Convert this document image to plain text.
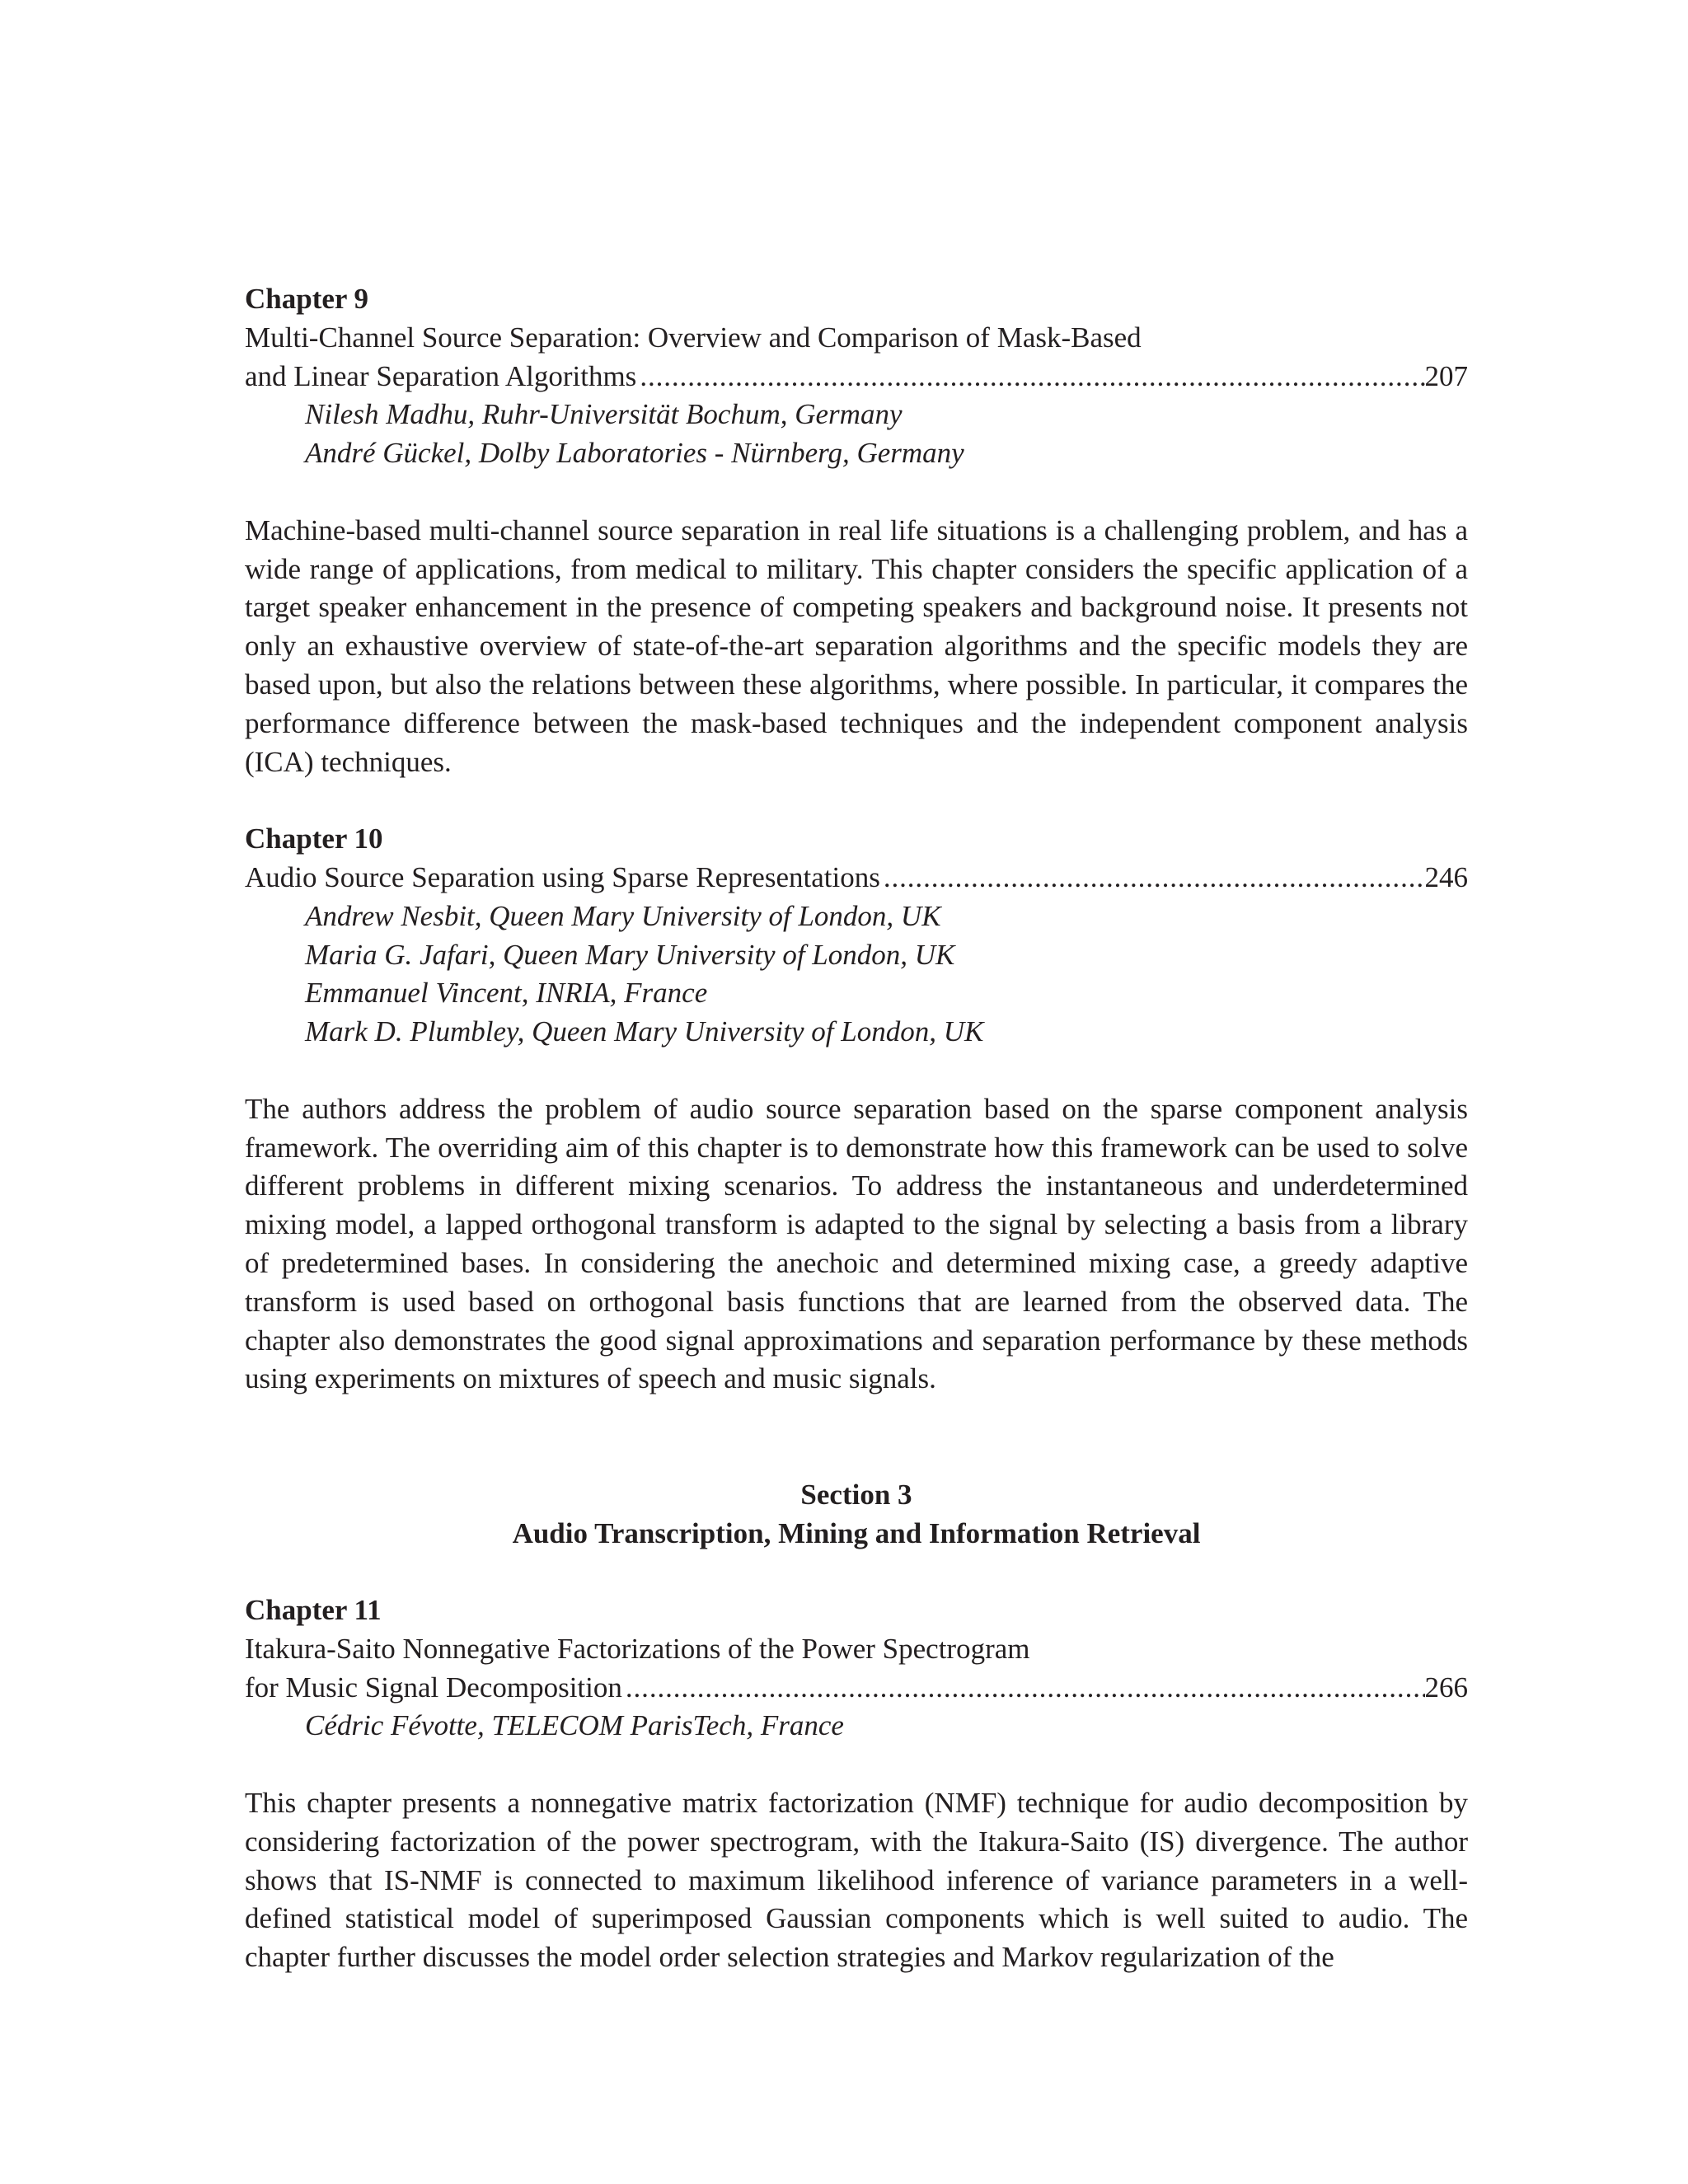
Chapter 9
Multi-Channel Source Separation: Overview and Comparison of Mask-Based
and Linear Separation Algorithms .....	207
Nilesh Madhu, Ruhr-Universität Bochum, Germany
André Gückel, Dolby Laboratories - Nürnberg, Germany

Machine-based multi-channel source separation in real life situations is a challenging problem, and has a wide range of applications, from medical to military. This chapter considers the specific application of a target speaker enhancement in the presence of competing speakers and background noise. It presents not only an exhaustive overview of state-of-the-art separation algorithms and the specific models they are based upon, but also the relations between these algorithms, where possible. In particular, it compares the performance difference between the mask-based techniques and the independent component analysis (ICA) techniques.

Chapter 10
Audio Source Separation using Sparse Representations .....	246
Andrew Nesbit, Queen Mary University of London, UK
Maria G. Jafari, Queen Mary University of London, UK
Emmanuel Vincent, INRIA, France
Mark D. Plumbley, Queen Mary University of London, UK

The authors address the problem of audio source separation based on the sparse component analysis framework. The overriding aim of this chapter is to demonstrate how this framework can be used to solve different problems in different mixing scenarios. To address the instantaneous and underdetermined mixing model, a lapped orthogonal transform is adapted to the signal by selecting a basis from a library of predetermined bases. In considering the anechoic and determined mixing case, a greedy adaptive transform is used based on orthogonal basis functions that are learned from the observed data. The chapter also demonstrates the good signal approximations and separation performance by these methods using experiments on mixtures of speech and music signals.

Section 3
Audio Transcription, Mining and Information Retrieval
Chapter 11
Itakura-Saito Nonnegative Factorizations of the Power Spectrogram
for Music Signal Decomposition .....	266
Cédric Févotte, TELECOM ParisTech, France

This chapter presents a nonnegative matrix factorization (NMF) technique for audio decomposition by considering factorization of the power spectrogram, with the Itakura-Saito (IS) divergence. The author shows that IS-NMF is connected to maximum likelihood inference of variance parameters in a well-defined statistical model of superimposed Gaussian components which is well suited to audio. The chapter further discusses the model order selection strategies and Markov regularization of the
